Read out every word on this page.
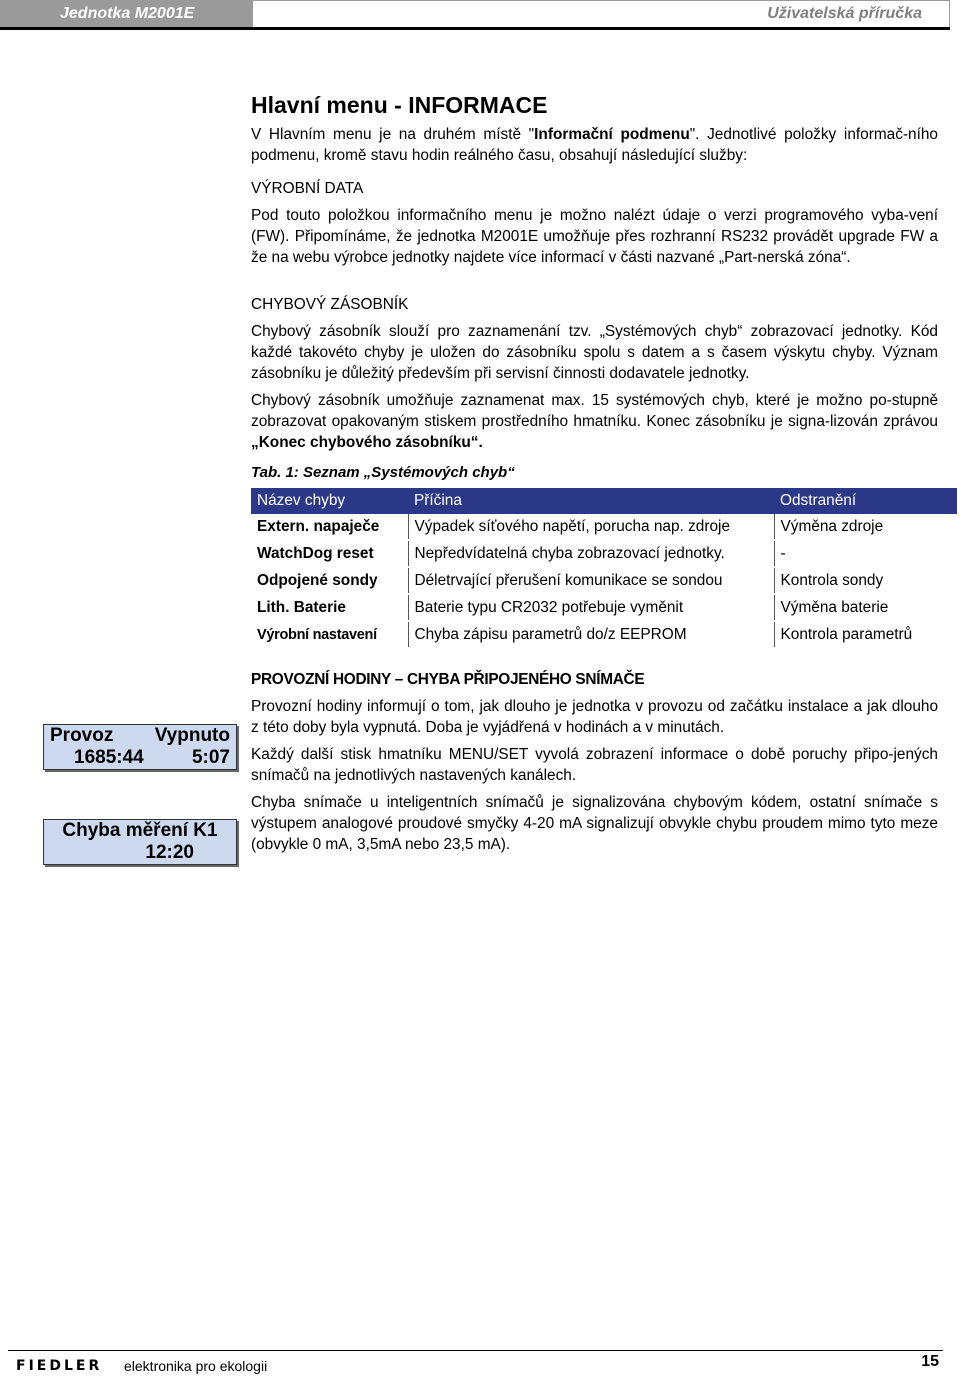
Jednotka M2001E	Uživatelská příručka
Hlavní menu - INFORMACE

V Hlavním menu je na druhém místě "Informační podmenu". Jednotlivé položky informač-ního podmenu, kromě stavu hodin reálného času, obsahují následující služby:

VÝROBNÍ DATA

Pod touto položkou informačního menu je možno nalézt údaje o verzi programového vyba-vení (FW). Připomínáme, že jednotka M2001E umožňuje přes rozhranní RS232 provádět upgrade FW a že na webu výrobce jednotky najdete více informací v části nazvané „Part-nerská zóna“.

CHYBOVÝ ZÁSOBNÍK

Chybový zásobník slouží pro zaznamenání tzv. „Systémových chyb“ zobrazovací jednotky. Kód každé takovéto chyby je uložen do zásobníku spolu s datem a s časem výskytu chyby. Význam zásobníku je důležitý především při servisní činnosti dodavatele jednotky.

Chybový zásobník umožňuje zaznamenat max. 15 systémových chyb, které je možno po-stupně zobrazovat opakovaným stiskem prostředního hmatníku. Konec zásobníku je signa-lizován zprávou „Konec chybového zásobníku“.

Tab. 1: Seznam „Systémových chyb“
Název chyby	Příčina	Odstranění
Extern. napaječe	Výpadek síťového napětí, porucha nap. zdroje	Výměna zdroje
WatchDog reset	Nepředvídatelná chyba zobrazovací jednotky.	-
Odpojené sondy	Déletrvající přerušení komunikace se sondou	Kontrola sondy
Lith. Baterie	Baterie typu CR2032 potřebuje vyměnit	Výměna baterie
Výrobní nastavení	Chyba zápisu parametrů do/z EEPROM	Kontrola parametrů
PROVOZNÍ HODINY – CHYBA PŘIPOJENÉHO SNÍMAČE

Provozní hodiny informují o tom, jak dlouho je jednotka v provozu od začátku instalace a jak dlouho z této doby byla vypnutá. Doba je vyjádřená v hodinách a v minutách.

Každý další stisk hmatníku MENU/SET vyvolá zobrazení informace o době poruchy připo-jených snímačů na jednotlivých nastavených kanálech.

Chyba snímače u inteligentních snímačů je signalizována chybovým kódem, ostatní snímače s výstupem analogové proudové smyčky 4-20 mA signalizují obvykle chybu proudem mimo tyto meze (obvykle 0 mA, 3,5mA nebo 23,5 mA).

Provoz Vypnuto
1685:44	5:07
Chyba měření K1
12:20
FIEDLER elektronika pro ekologii	15
